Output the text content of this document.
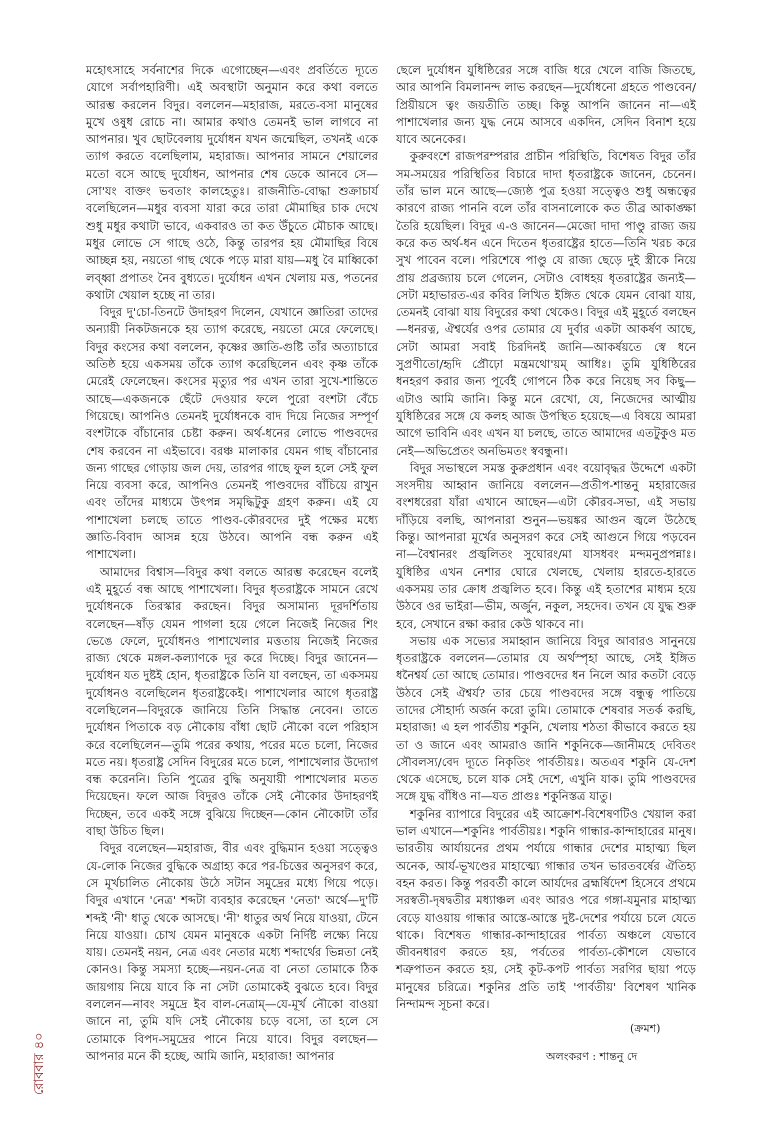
মহোৎসাহে সর্বনাশের দিকে এগোচ্ছেন—এবং প্রবর্তিতে দ্যূতে যোগে সর্বাপহারিণী। এই অবস্থাটা অনুমান করে কথা বলতে আরম্ভ করলেন বিদুর। বললেন—মহারাজ, মরতে-বসা মানুষের মুখে ওষুধ রোচে না। আমার কথাও তেমনই ভাল লাগবে না আপনার। খুব ছোটবেলায় দুর্যোধন যখন জন্মেছিল, তখনই একে ত্যাগ করতে বলেছিলাম, মহারাজ। আপনার সামনে শেয়ালের মতো বসে আছে দুর্যোধন, আপনার শেষ ডেকে আনবে সে—সো'যং বাক্তং ভবতাং কালহেতুঃ। রাজনীতি-বোদ্ধা শুক্রাচার্য বলেছিলেন—মধুর ব্যবসা যারা করে তারা মৌমাছির চাক দেখে শুধু মধুর কথাটা ভাবে, একবারও তা কত উঁচুতে মৌচাক আছে। মধুর লোভে সে গাছে ওঠে, কিন্তু তারপর হয় মৌমাছির বিষে আচ্ছন্ন হয়, নয়তো গাছ থেকে পড়ে মারা যায়—মধু বৈ মাধ্বিকো লব্ধ্বা প্রপাতং নৈব বুধ্যতে। দুর্যোধন এখন খেলায় মত্ত, পতনের কথাটা খেয়াল হচ্ছে না তার।

বিদুর দু'চো-তিনটে উদাহরণ দিলেন, যেখানে জ্ঞাতিরা তাদের অন্যায়ী নিকটজনকে হয় ত্যাগ করেছে, নয়তো মেরে ফেলেছে। বিদুর কংসের কথা বললেন, কৃষ্ণের জ্ঞাতি-গুষ্টি তাঁর অত্যাচারে অতিষ্ঠ হয়ে একসময় তাঁকে ত্যাগ করেছিলেন এবং কৃষ্ণ তাঁকে মেরেই ফেলেছেন। কংসের মৃত্যুর পর এখন তারা সুখে-শান্তিতে আছে—একজনকে ছেঁটে দেওয়ার ফলে পুরো বংশটা বেঁচে গিয়েছে। আপনিও তেমনই দুর্যোধনকে বাদ দিয়ে নিজের সম্পূর্ণ বংশটাকে বাঁচানোর চেষ্টা করুন। অর্থ-ধনের লোভে পাণ্ডবদের শেষ করবেন না এইভাবে। বরঞ্চ মালাকার যেমন গাছ বাঁচানোর জন্য গাছের গোড়ায় জল দেয়, তারপর গাছে ফুল হলে সেই ফুল নিয়ে ব্যবসা করে, আপনিও তেমনই পাণ্ডবদের বাঁচিয়ে রাখুন এবং তাঁদের মাধ্যমে উৎপন্ন সমৃদ্ধিটুকু গ্রহণ করুন। এই যে পাশাখেলা চলছে তাতে পাণ্ডব-কৌরবদের দুই পক্ষের মধ্যে জ্ঞাতি-বিবাদ আসন্ন হয়ে উঠবে। আপনি বন্ধ করুন এই পাশাখেলা।

আমাদের বিশ্বাস—বিদুর কথা বলতে আরম্ভ করেছেন বলেই এই মুহূর্তে বন্ধ আছে পাশাখেলা। বিদুর ধৃতরাষ্ট্রকে সামনে রেখে দুর্যোধনকে তিরস্কার করছেন। বিদুর অসামান্য দূরদর্শিতায় বলেছেন—ষাঁড় যেমন পাগলা হয়ে গেলে নিজেই নিজের শিং ভেঙে ফেলে, দুর্যোধনও পাশাখেলার মত্ততায় নিজেই নিজের রাজ্য থেকে মঙ্গল-কল্যাণকে দূর করে দিচ্ছে। বিদুর জানেন—দুর্যোধন যত দুষ্টই হোন, ধৃতরাষ্ট্রকে তিনি যা বলছেন, তা একসময় দুর্যোধনও বলেছিলেন ধৃতরাষ্ট্রকেই। পাশাখেলার আগে ধৃতরাষ্ট্র বলেছিলেন—বিদুরকে জানিয়ে তিনি সিদ্ধান্ত নেবেন। তাতে দুর্যোধন পিতাকে বড় নৌকোয় বাঁধা ছোট নৌকো বলে পরিহাস করে বলেছিলেন—তুমি পরের কথায়, পরের মতে চলো, নিজের মতে নয়। ধৃতরাষ্ট্র সেদিন বিদুরের মতে চলে, পাশাখেলার উদ্যোগ বন্ধ করেননি। তিনি পুত্রের বুদ্ধি অনুযায়ী পাশাখেলার মতত দিয়েছেন। ফলে আজ বিদুরও তাঁকে সেই নৌকোর উদাহরণই দিচ্ছেন, তবে একই সঙ্গে বুঝিয়ে দিচ্ছেন—কোন নৌকোটা তাঁর বাছা উচিত ছিল।

বিদুর বলেছেন—মহারাজ, বীর এবং বুদ্ধিমান হওয়া সত্ত্বেও যে-লোক নিজের বুদ্ধিকে অগ্রাহ্য করে পর-চিত্তের অনুসরণ করে, সে মূর্খচালিত নৌকোয় উঠে সটান সমুদ্রের মধ্যে গিয়ে পড়ে। বিদুর এখানে 'নেত্র' শব্দটা ব্যবহার করেছেন 'নেতা' অর্থে—দু'টি শব্দই 'নী' ধাতু থেকে আসছে। 'নী' ধাতুর অর্থ নিয়ে যাওয়া, টেনে নিয়ে যাওয়া। চোখ যেমন মানুষকে একটা নির্দিষ্ট লক্ষ্যে নিয়ে যায়। তেমনই নয়ন, নেত্র এবং নেতার মধ্যে শব্দার্থের ভিন্নতা নেই কোনও। কিন্তু সমস্যা হচ্ছে—নয়ন-নেত্র বা নেতা তোমাকে ঠিক জায়গায় নিয়ে যাবে কি না সেটা তোমাকেই বুঝতে হবে। বিদুর বললেন—নাবং সমুদ্রে ইব বাল-নেত্রাম্—যে-মূর্খ নৌকো বাওয়া জানে না, তুমি যদি সেই নৌকোয় চড়ে বসো, তা হলে সে তোমাকে বিপদ-সমুদ্রের পানে নিয়ে যাবে। বিদুর বলছেন—আপনার মনে কী হচ্ছে, আমি জানি, মহারাজ! আপনার

ছেলে দুর্যোধন যুধিষ্ঠিরের সঙ্গে বাজি ধরে খেলে বাজি জিতছে, আর আপনি বিমলানন্দ লাভ করছেন—দুর্যোধনো গ্রহতে পাণ্ডবেন/প্রিয়ীয়সে ত্বং জয়তীতি তচ্ছ। কিন্তু আপনি জানেন না—এই পাশাখেলার জন্য যুদ্ধ নেমে আসবে একদিন, সেদিন বিনাশ হয়ে যাবে অনেকের।

কুরুবংশে রাজপরম্পরার প্রাচীন পরিস্থিতি, বিশেষত বিদুর তাঁর সম-সময়ের পরিস্থিতির বিচারে দাদা ধৃতরাষ্ট্রকে জানেন, চেনেন। তাঁর ভাল মনে আছে—জ্যেষ্ঠ পুত্র হওয়া সত্ত্বেও শুধু অন্ধত্বের কারণে রাজ্য পাননি বলে তাঁর বাসনালোকে কত তীব্র আকাঙ্ক্ষা তৈরি হয়েছিল। বিদুর এ-ও জানেন—মেজো দাদা পাণ্ডু রাজ্য জয় করে কত অর্থ-ধন এনে দিতেন ধৃতরাষ্ট্রের হাতে—তিনি খরচ করে সুখ পাবেন বলে। পরিশেষে পাণ্ডু যে রাজ্য ছেড়ে দুই স্ত্রীকে নিয়ে প্রায় প্রব্রজ্যায় চলে গেলেন, সেটাও বোধহয় ধৃতরাষ্ট্রের জন্যই—সেটা মহাভারত-এর কবির লিখিত ইঙ্গিত থেকে যেমন বোঝা যায়, তেমনই বোঝা যায় বিদুরের কথা থেকেও। বিদুর এই মুহূর্তে বলছেন—ধনরত্ন, ঐশ্বর্যের ওপর তোমার যে দুর্বার একটা আকর্ষণ আছে, সেটা আমরা সবাই চিরদিনই জানি—আকর্ষয়তে স্বে ধনে সুপ্রণীতো/হৃদি প্রৌঢ়ো মন্ত্রমথো'য়ম্ আধিঃ। তুমি যুধিষ্ঠিরের ধনহরণ করার জন্য পূর্বেই গোপনে ঠিক করে নিয়েছ সব কিছু—এটাও আমি জানি। কিন্তু মনে রেখো, যে, নিজেদের আত্মীয় যুধিষ্ঠিরের সঙ্গে যে কলহ আজ উপস্থিত হয়েছে—এ বিষয়ে আমরা আগে ভাবিনি এবং এখন যা চলছে, তাতে আমাদের এতটুকুও মত নেই—অভিপ্রেতং অনভিমতং স্ববন্ধুনা।

বিদুর সভাস্থলে সমস্ত কুরুপ্রধান এবং বয়োবৃদ্ধর উদ্দেশে একটা সংসদীয় আহ্বান জানিয়ে বললেন—প্রতীপ-শান্তনু মহারাজের বংশধরেরা যাঁরা এখানে আছেন—এটা কৌরব-সভা, এই সভায় দাঁড়িয়ে বলছি, আপনারা শুনুন—ভয়ঙ্কর আগুন জ্বলে উঠেছে কিন্তু। আপনারা মূর্খের অনুসরণ করে সেই আগুনে গিয়ে পড়বেন না—বৈশ্বানরং প্রজ্বলিতং সুঘোরং/মা যাসধবং মন্দমনুপ্রপন্নাঃ। যুধিষ্ঠির এখন নেশার ঘোরে খেলছে, খেলায় হারতে-হারতে একসময় তার ক্রোধ প্রজ্বলিত হবে। কিন্তু এই হতাশের মাধ্যম হয়ে উঠবে ওর ভাইরা—ভীম, অর্জুন, নকুল, সহদেব। তখন যে যুদ্ধ শুরু হবে, সেখানে রক্ষা করার কেউ থাকবে না।

সভায় এক সভ্যের সমাহ্বান জানিয়ে বিদুর আবারও সানুনয়ে ধৃতরাষ্ট্রকে বললেন—তোমার যে অর্থস্পৃহা আছে, সেই ইঙ্গিত ধনৈশ্বর্য তো আছে তোমার। পাণ্ডবদের ধন নিলে আর কতটা বেড়ে উঠবে সেই ঐশ্বর্য? তার চেয়ে পাণ্ডবদের সঙ্গে বন্ধুত্ব পাতিয়ে তাদের সৌহার্দ্য অর্জন করো তুমি। তোমাকে শেষবার সতর্ক করছি, মহারাজ! এ হল পার্বতীয় শকুনি, খেলায় শঠতা কীভাবে করতে হয় তা ও জানে এবং আমরাও জানি শকুনিকে—জানীমহে দেবিতং সৌবলস্য/বেদ দ্যূতে নিকৃতিং পার্বতীয়ঃ। অতএব শকুনি যে-দেশ থেকে এসেছে, চলে যাক সেই দেশে, এখুনি যাক। তুমি পাণ্ডবদের সঙ্গে যুদ্ধ বাঁধিও না—যত প্রাগুঃ শকুনিস্তত্র যাতু।

শকুনির ব্যাপারে বিদুরের এই আক্রোশ-বিশেষণটিও খেয়াল করা ভাল এখানে—শকুনিঃ পার্বতীয়ঃ। শকুনি গান্ধার-কান্দাহারের মানুষ। ভারতীয় আর্যায়নের প্রথম পর্যায়ে গান্ধার দেশের মাহাত্ম্য ছিল অনেক, আর্য-ভূখণ্ডের মাহাত্ম্যে গান্ধার তখন ভারতবর্ষের ঐতিহ্য বহন করত। কিন্তু পরবর্তী কালে আর্যদের ব্রহ্মর্ষিদেশ হিসেবে প্রথমে সরস্বতী-দৃষদ্বতীর মধ্যাঞ্চল এবং আরও পরে গঙ্গা-যমুনার মাহাত্ম্য বেড়ে যাওয়ায় গান্ধার আস্তে-আস্তে দুষ্ট-দেশের পর্যায়ে চলে যেতে থাকে। বিশেষত গান্ধার-কান্দাহারের পার্বত্য অঞ্চলে যেভাবে জীবনধারণ করতে হয়, পর্বতের পার্বত্য-কৌশলে যেভাবে শত্রুপাতন করতে হয়, সেই কূট-কপট পার্বত্য সরণির ছায়া পড়ে মানুষের চরিত্রে। শকুনির প্রতি তাই 'পার্বতীয়' বিশেষণ খানিক নিন্দামন্দ সূচনা করে।

(ক্রমশ)
অলংকরণ : শান্তনু দে
রোববার ৪০
